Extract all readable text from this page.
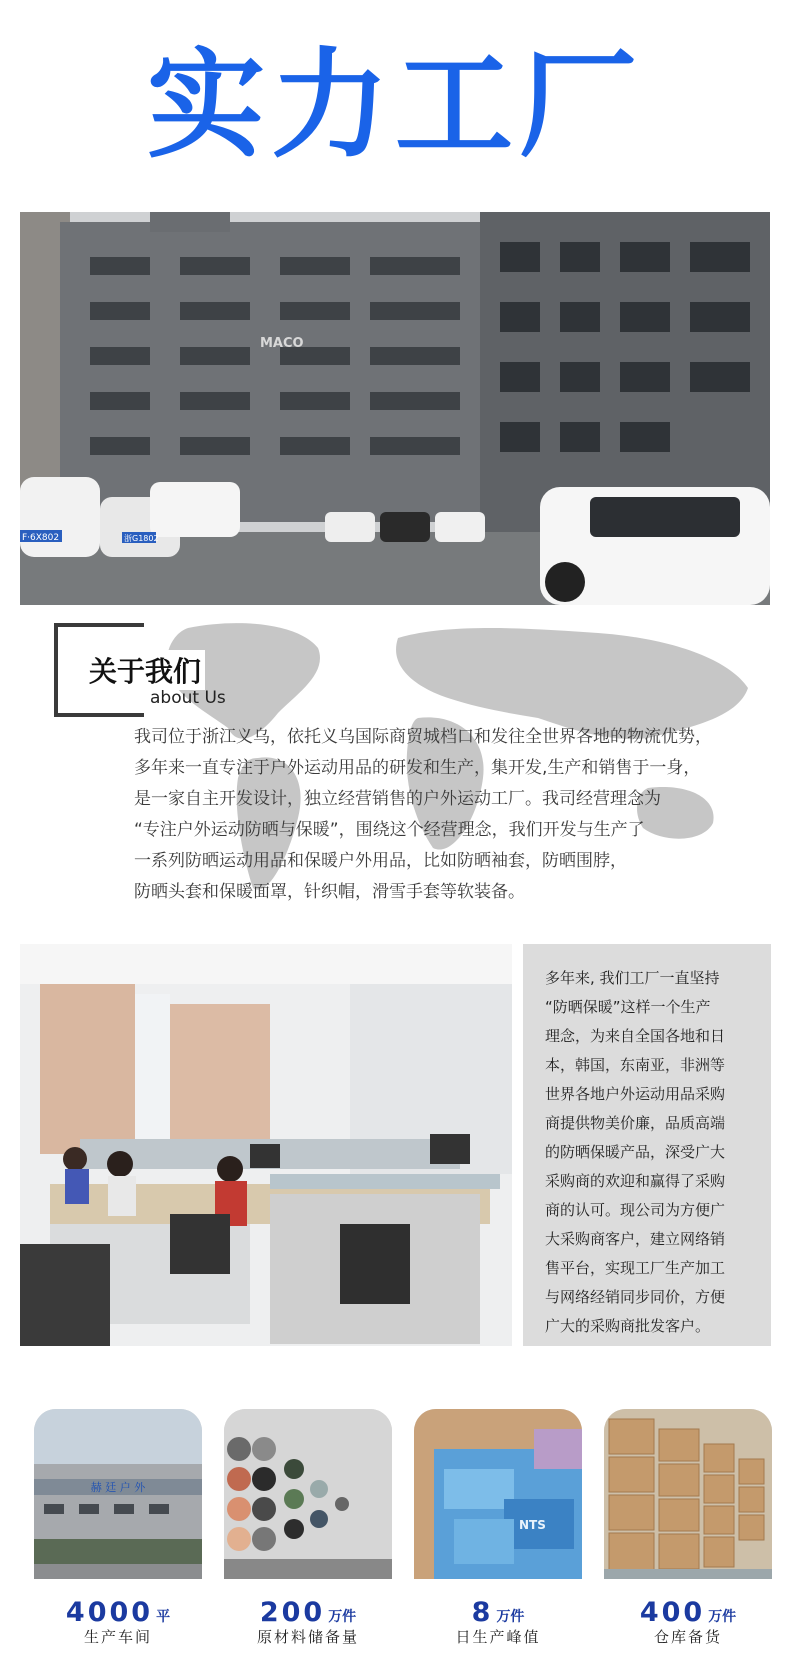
实力工厂
MACO
F·6X802	浙G1802
关于我们
about Us
我司位于浙江义乌，依托义乌国际商贸城档口和发往全世界各地的物流优势，
多年来一直专注于户外运动用品的研发和生产，集开发,生产和销售于一身，
是一家自主开发设计，独立经营销售的户外运动工厂。我司经营理念为
“专注户外运动防晒与保暖”，围绕这个经营理念，我们开发与生产了
一系列防晒运动用品和保暖户外用品，比如防晒袖套，防晒围脖，
防晒头套和保暖面罩，针织帽，滑雪手套等软装备。
多年来, 我们工厂一直坚持
“防晒保暖”这样一个生产
理念，为来自全国各地和日
本，韩国，东南亚，非洲等
世界各地户外运动用品采购
商提供物美价廉，品质高端
的防晒保暖产品，深受广大
采购商的欢迎和赢得了采购
商的认可。现公司为方便广
大采购商客户，建立网络销
售平台，实现工厂生产加工
与网络经销同步同价，方便
广大的采购商批发客户。
赫 廷 户 外
4000 平
生产车间
200 万件
原材料储备量
NTS
8 万件
日生产峰值
400 万件
仓库备货
